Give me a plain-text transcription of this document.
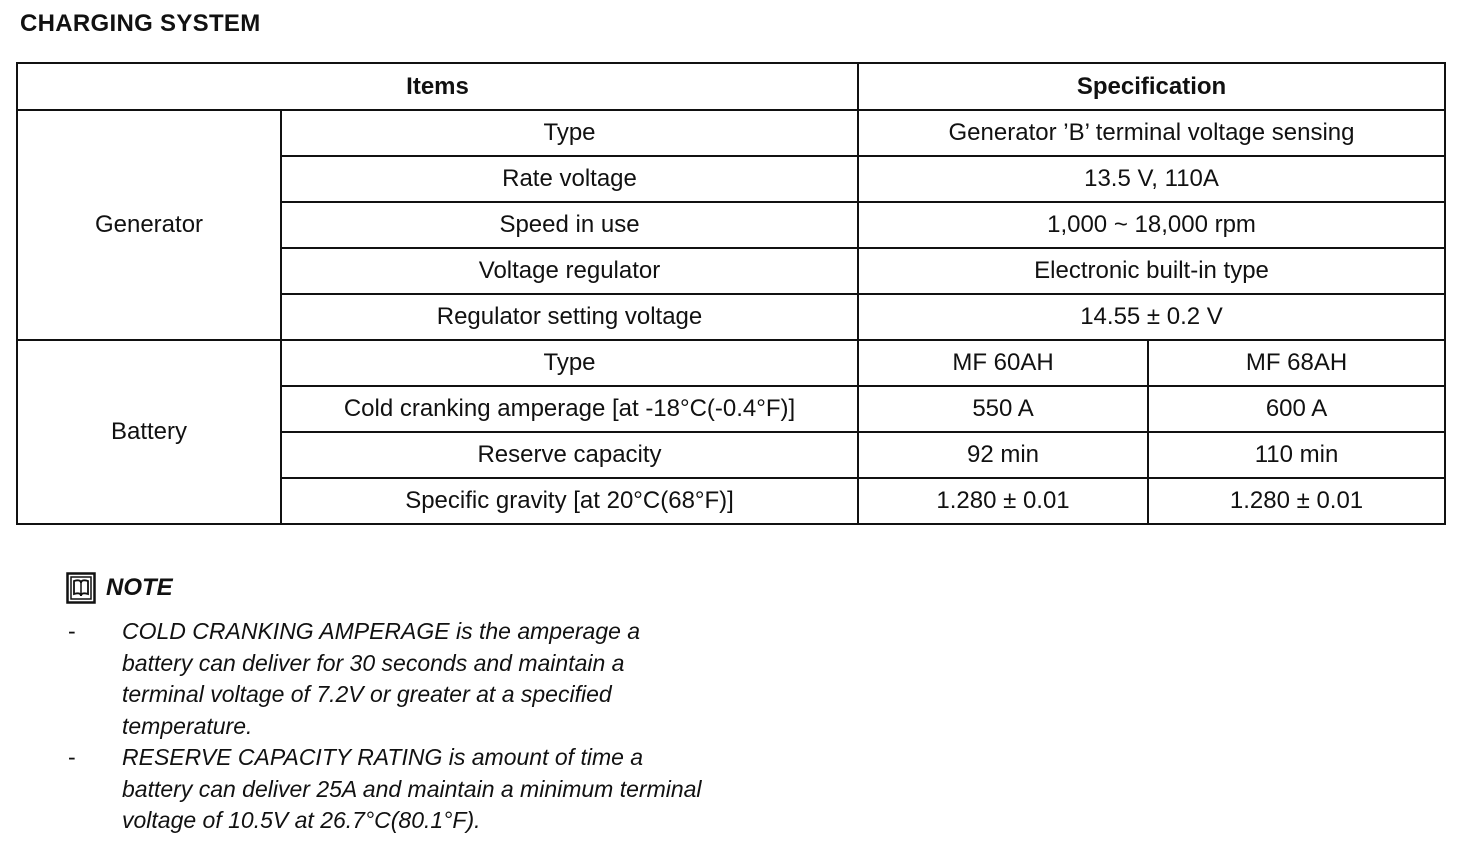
CHARGING SYSTEM
Items		Specification	
Generator	Type	Generator ’B’ terminal voltage sensing	
	Rate voltage	13.5 V, 110A	
	Speed in use	1,000 ~ 18,000 rpm	
	Voltage regulator	Electronic built-in type	
	Regulator setting voltage	14.55 ± 0.2 V	
Battery	Type	MF 60AH	MF 68AH
	Cold cranking amperage [at -18°C(-0.4°F)]	550 A	600 A
	Reserve capacity	92 min	110 min
	Specific gravity [at 20°C(68°F)]	1.280 ± 0.01	1.280 ± 0.01
NOTE
- COLD CRANKING AMPERAGE is the amperage a battery can deliver for 30 seconds and maintain a terminal voltage of 7.2V or greater at a specified temperature.
- RESERVE CAPACITY RATING is amount of time a battery can deliver 25A and maintain a minimum terminal voltage of 10.5V at 26.7°C(80.1°F).
